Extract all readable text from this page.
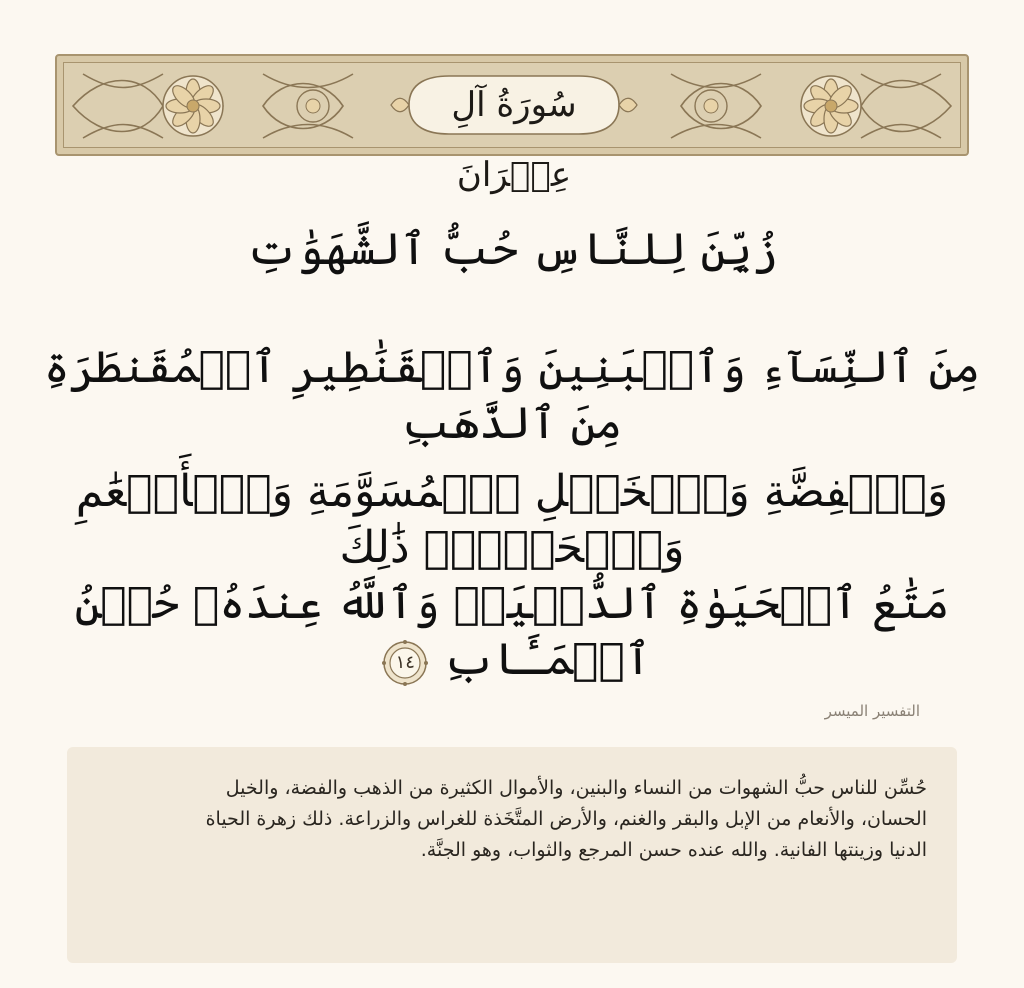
سُورَةُ آلِ عِمۡرَانَ
زُيِّنَ لِلنَّاسِ حُبُّ ٱلشَّهَوَٰتِ
مِنَ ٱلنِّسَآءِ وَٱلۡبَنِينَ وَٱلۡقَنَٰطِيرِ ٱلۡمُقَنطَرَةِ مِنَ ٱلذَّهَبِ
وَٱلۡفِضَّةِ وَٱلۡخَيۡلِ ٱلۡمُسَوَّمَةِ وَٱلۡأَنۡعَٰمِ وَٱلۡحَرۡثِۗ ذَٰلِكَ
مَتَٰعُ ٱلۡحَيَوٰةِ ٱلدُّنۡيَاۖ وَٱللَّهُ عِندَهُۥ حُسۡنُ ٱلۡمَـَٔابِ
١٤
التفسير الميسر
حُسِّن للناس حبُّ الشهوات من النساء والبنين، والأموال الكثيرة من الذهب والفضة، والخيل الحسان، والأنعام من الإبل والبقر والغنم، والأرض المتَّخَذة للغراس والزراعة. ذلك زهرة الحياة الدنيا وزينتها الفانية. والله عنده حسن المرجع والثواب، وهو الجنَّة.
